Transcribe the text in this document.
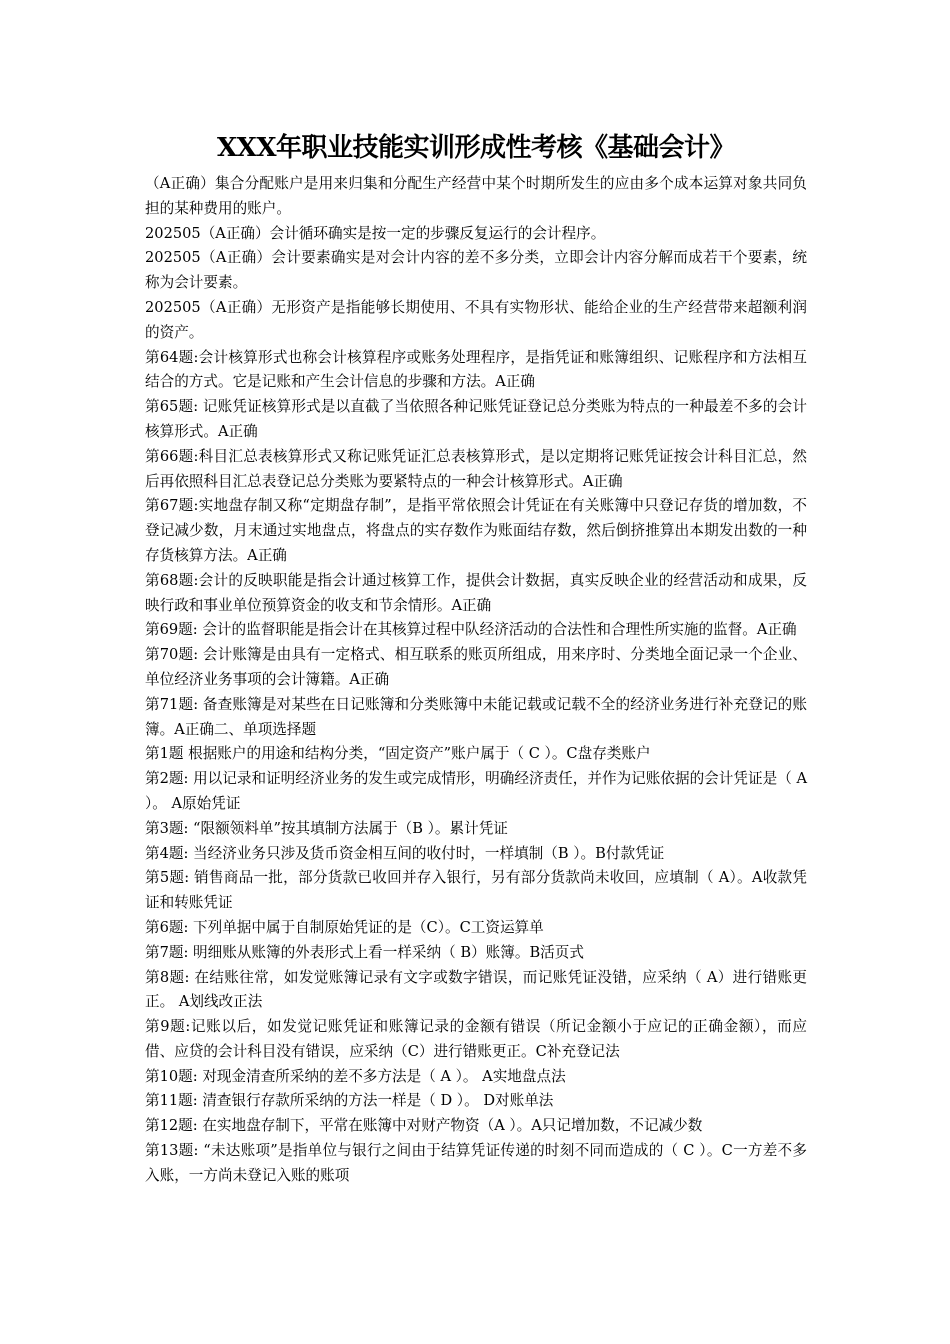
XXX年职业技能实训形成性考核《基础会计》

（A正确）集合分配账户是用来归集和分配生产经营中某个时期所发生的应由多个成本运算对象共同负担的某种费用的账户。

202505（A正确）会计循环确实是按一定的步骤反复运行的会计程序。

202505（A正确）会计要素确实是对会计内容的差不多分类，立即会计内容分解而成若干个要素，统称为会计要素。

202505（A正确）无形资产是指能够长期使用、不具有实物形状、能给企业的生产经营带来超额利润的资产。

第64题:会计核算形式也称会计核算程序或账务处理程序，是指凭证和账簿组织、记账程序和方法相互结合的方式。它是记账和产生会计信息的步骤和方法。A正确

第65题: 记账凭证核算形式是以直截了当依照各种记账凭证登记总分类账为特点的一种最差不多的会计核算形式。A正确

第66题:科目汇总表核算形式又称记账凭证汇总表核算形式，是以定期将记账凭证按会计科目汇总，然后再依照科目汇总表登记总分类账为要紧特点的一种会计核算形式。A正确

第67题:实地盘存制又称“定期盘存制”，是指平常依照会计凭证在有关账簿中只登记存货的增加数，不登记减少数，月末通过实地盘点，将盘点的实存数作为账面结存数，然后倒挤推算出本期发出数的一种存货核算方法。A正确

第68题:会计的反映职能是指会计通过核算工作，提供会计数据，真实反映企业的经营活动和成果，反映行政和事业单位预算资金的收支和节余情形。A正确

第69题: 会计的监督职能是指会计在其核算过程中队经济活动的合法性和合理性所实施的监督。A正确

第70题: 会计账簿是由具有一定格式、相互联系的账页所组成，用来序时、分类地全面记录一个企业、单位经济业务事项的会计簿籍。A正确

第71题: 备查账簿是对某些在日记账簿和分类账簿中未能记载或记载不全的经济业务进行补充登记的账簿。A正确二、单项选择题

第1题 根据账户的用途和结构分类，“固定资产”账户属于（ C ）。C盘存类账户

第2题: 用以记录和证明经济业务的发生或完成情形，明确经济责任，并作为记账依据的会计凭证是（ A ）。 A原始凭证

第3题: “限额领料单”按其填制方法属于（B ）。累计凭证

第4题: 当经济业务只涉及货币资金相互间的收付时，一样填制（B ）。B付款凭证

第5题: 销售商品一批，部分货款已收回并存入银行，另有部分货款尚未收回，应填制（ A）。A收款凭证和转账凭证

第6题: 下列单据中属于自制原始凭证的是（C）。C工资运算单

第7题: 明细账从账簿的外表形式上看一样采纳（ B）账簿。B活页式

第8题: 在结账往常，如发觉账簿记录有文字或数字错误，而记账凭证没错，应采纳（ A）进行错账更正。 A划线改正法

第9题:记账以后，如发觉记账凭证和账簿记录的金额有错误（所记金额小于应记的正确金额），而应借、应贷的会计科目没有错误，应采纳（C）进行错账更正。C补充登记法

第10题: 对现金清查所采纳的差不多方法是（ A ）。 A实地盘点法

第11题: 清查银行存款所采纳的方法一样是（ D ）。 D对账单法

第12题: 在实地盘存制下，平常在账簿中对财产物资（A ）。A只记增加数，不记减少数

第13题: “未达账项”是指单位与银行之间由于结算凭证传递的时刻不同而造成的（ C ）。C一方差不多入账，一方尚未登记入账的账项
